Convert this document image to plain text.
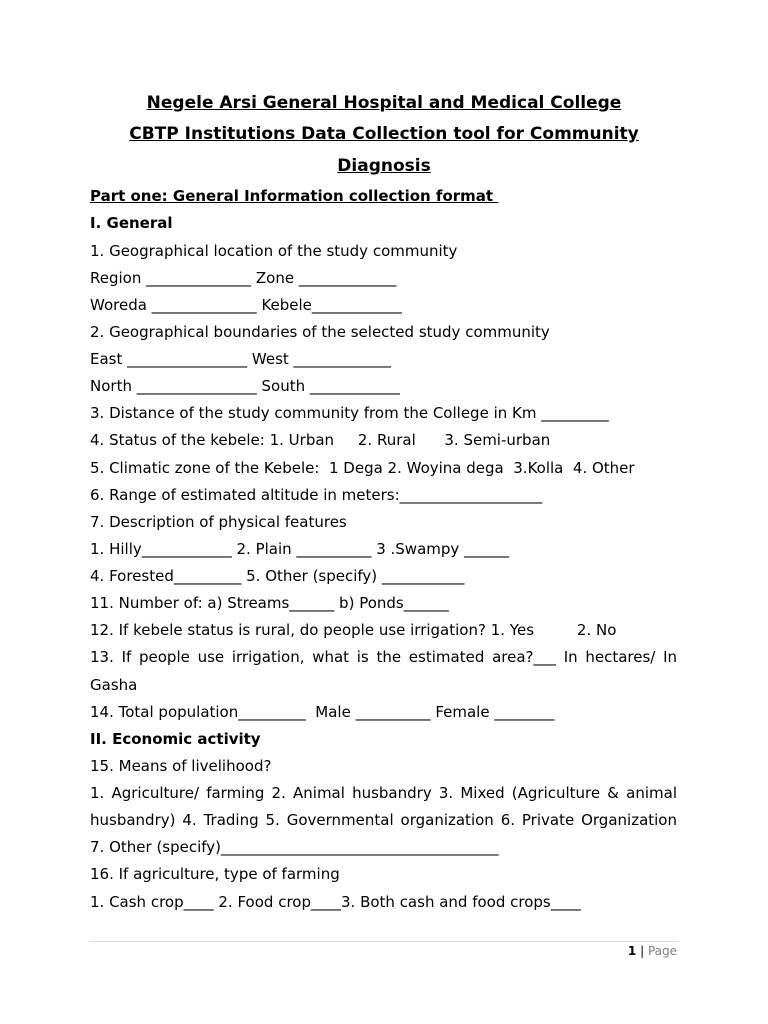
Negele Arsi General Hospital and Medical College
CBTP Institutions Data Collection tool for Community
Diagnosis
Part one: General Information collection format
I. General
1. Geographical location of the study community
Region ______________ Zone _____________
Woreda ______________ Kebele____________
2. Geographical boundaries of the selected study community
East ________________ West _____________
North ________________ South ____________
3. Distance of the study community from the College in Km _________
4. Status of the kebele: 1. Urban     2. Rural      3. Semi-urban
5. Climatic zone of the Kebele:  1 Dega 2. Woyina dega  3.Kolla  4. Other
6. Range of estimated altitude in meters:___________________
7. Description of physical features
1. Hilly____________ 2. Plain __________ 3 .Swampy ______
4. Forested_________ 5. Other (specify) ___________
11. Number of: a) Streams______ b) Ponds______
12. If kebele status is rural, do people use irrigation? 1. Yes         2. No
13. If people use irrigation, what is the estimated area?___ In hectares/ In
Gasha
14. Total population_________  Male __________ Female ________
II. Economic activity
15. Means of livelihood?
1. Agriculture/ farming 2. Animal husbandry 3. Mixed (Agriculture & animal
husbandry) 4. Trading 5. Governmental organization 6. Private Organization
7. Other (specify)_____________________________________
16. If agriculture, type of farming
1. Cash crop____ 2. Food crop____3. Both cash and food crops____
1 | Page
